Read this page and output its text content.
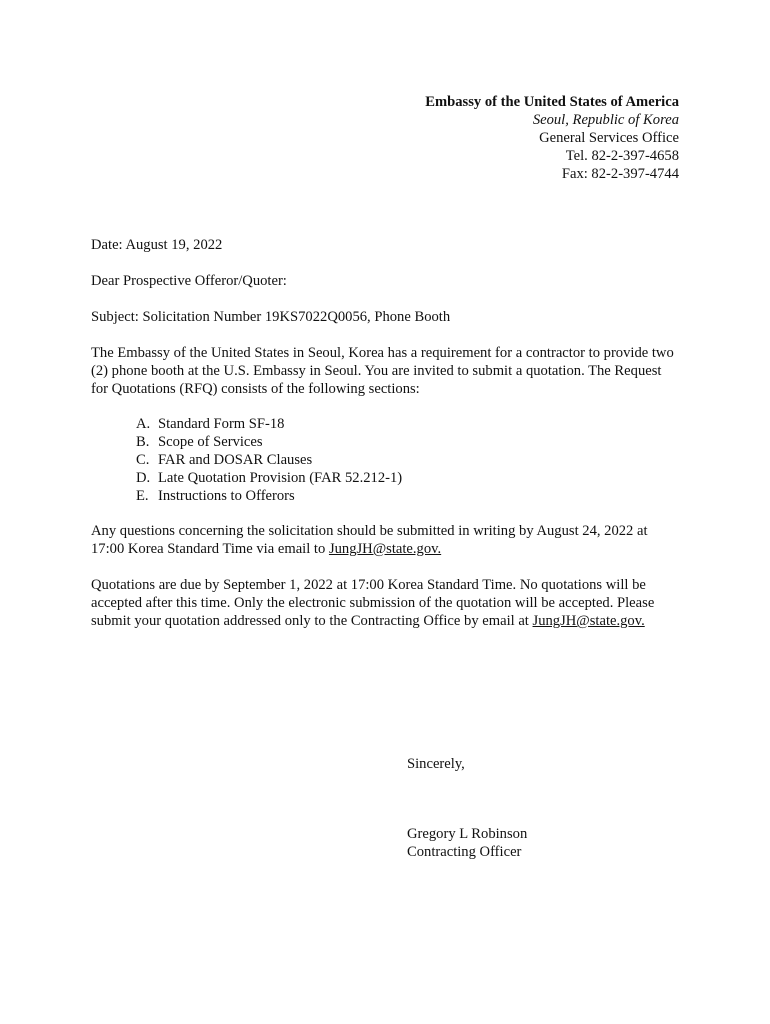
Embassy of the United States of America
Seoul, Republic of Korea
General Services Office
Tel. 82-2-397-4658
Fax: 82-2-397-4744
Date: August 19, 2022
Dear Prospective Offeror/Quoter:
Subject: Solicitation Number 19KS7022Q0056, Phone Booth
The Embassy of the United States in Seoul, Korea has a requirement for a contractor to provide two (2) phone booth at the U.S. Embassy in Seoul. You are invited to submit a quotation. The Request for Quotations (RFQ) consists of the following sections:
A. Standard Form SF-18
B. Scope of Services
C. FAR and DOSAR Clauses
D. Late Quotation Provision (FAR 52.212-1)
E. Instructions to Offerors
Any questions concerning the solicitation should be submitted in writing by August 24, 2022 at 17:00 Korea Standard Time via email to JungJH@state.gov.
Quotations are due by September 1, 2022 at 17:00 Korea Standard Time. No quotations will be accepted after this time. Only the electronic submission of the quotation will be accepted. Please submit your quotation addressed only to the Contracting Office by email at JungJH@state.gov.
Sincerely,
Gregory L Robinson
Contracting Officer
